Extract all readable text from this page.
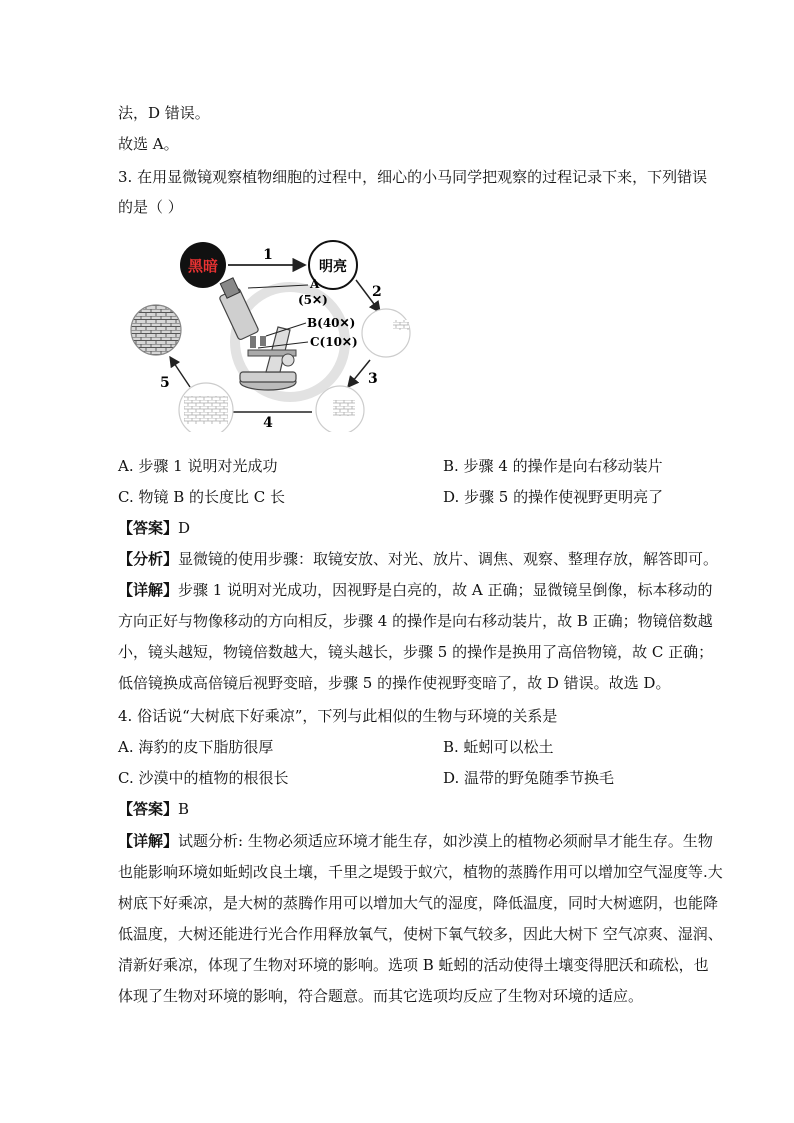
法，D 错误。
故选 A。
3. 在用显微镜观察植物细胞的过程中，细心的小马同学把观察的过程记录下来，下列错误
的是（ ）
黑暗
1
明亮
2
3
4
5
A
(5✕)
B(40✕)
C(10✕)
A. 步骤 1 说明对光成功	B. 步骤 4 的操作是向右移动装片
C. 物镜 B 的长度比 C 长	D. 步骤 5 的操作使视野更明亮了
【答案】D
【分析】显微镜的使用步骤：取镜安放、对光、放片、调焦、观察、整理存放，解答即可。
【详解】步骤 1 说明对光成功，因视野是白亮的，故 A 正确；显微镜呈倒像，标本移动的
方向正好与物像移动的方向相反，步骤 4 的操作是向右移动装片，故 B 正确；物镜倍数越
小，镜头越短，物镜倍数越大，镜头越长，步骤 5 的操作是换用了高倍物镜，故 C 正确；
低倍镜换成高倍镜后视野变暗，步骤 5 的操作使视野变暗了，故 D 错误。故选 D。
4. 俗话说“大树底下好乘凉”，下列与此相似的生物与环境的关系是
A. 海豹的皮下脂肪很厚	B. 蚯蚓可以松土
C. 沙漠中的植物的根很长	D. 温带的野兔随季节换毛
【答案】B
【详解】试题分析: 生物必须适应环境才能生存，如沙漠上的植物必须耐旱才能生存。生物
也能影响环境如蚯蚓改良土壤，千里之堤毁于蚁穴，植物的蒸腾作用可以增加空气湿度等.大
树底下好乘凉，是大树的蒸腾作用可以增加大气的湿度，降低温度，同时大树遮阴，也能降
低温度，大树还能进行光合作用释放氧气，使树下氧气较多，因此大树下 空气凉爽、湿润、
清新好乘凉，体现了生物对环境的影响。选项 B 蚯蚓的活动使得土壤变得肥沃和疏松，也
体现了生物对环境的影响，符合题意。而其它选项均反应了生物对环境的适应。
